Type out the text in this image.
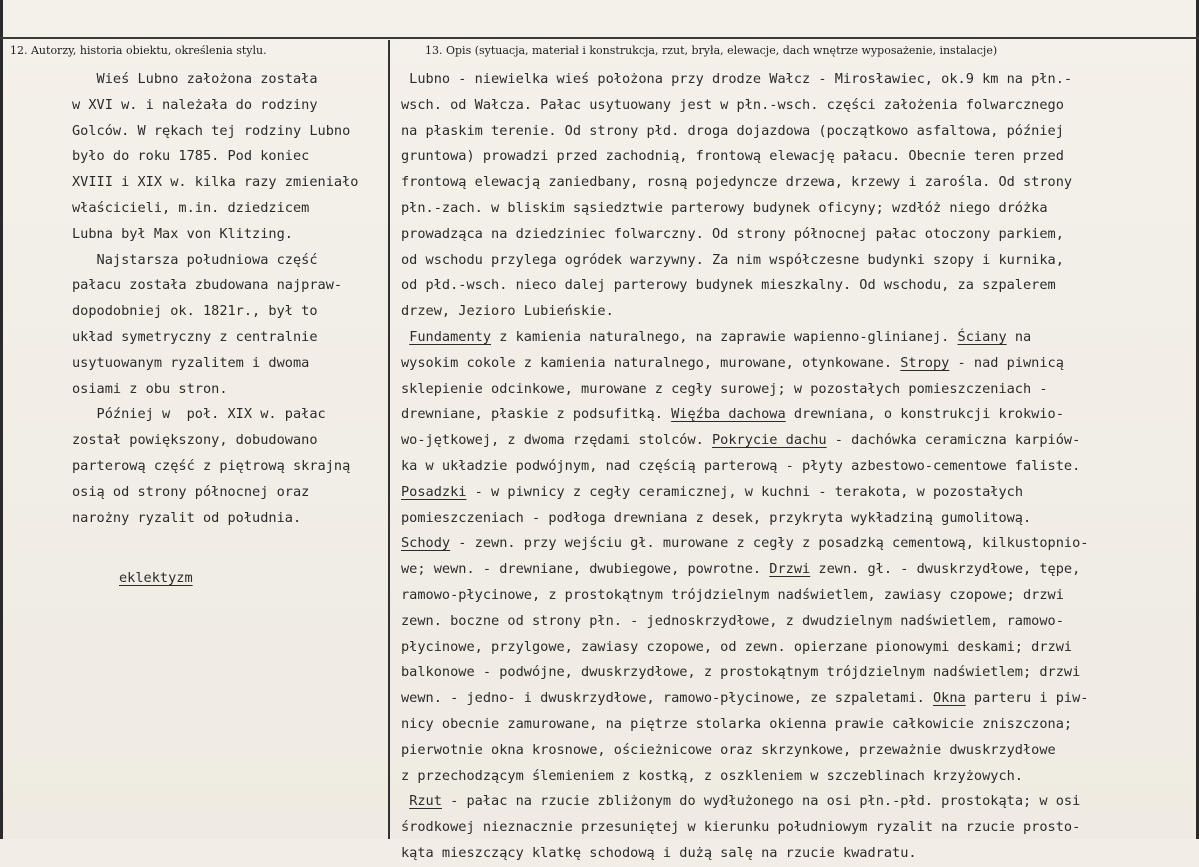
12. Autorzy, historia obiektu, określenia stylu.	13. Opis (sytuacja, materiał i konstrukcja, rzut, bryła, elewacje, dach wnętrze wyposażenie, instalacje)
Wieś Lubno założona została
w XVI w. i należała do rodziny
Golców. W rękach tej rodziny Lubno
było do roku 1785. Pod koniec
XVIII i XIX w. kilka razy zmieniało
właścicieli, m.in. dziedzicem
Lubna był Max von Klitzing.
Najstarsza południowa część
pałacu została zbudowana najpraw-
dopodobniej ok. 1821r., był to
układ symetryczny z centralnie
usytuowanym ryzalitem i dwoma
osiami z obu stron.
Później w  poł. XIX w. pałac
został powiększony, dobudowano
parterową część z piętrową skrajną
osią od strony północnej oraz
narożny ryzalit od południa.
eklektyzm
Lubno - niewielka wieś położona przy drodze Wałcz - Mirosławiec, ok.9 km na płn.-
wsch. od Wałcza. Pałac usytuowany jest w płn.-wsch. części założenia folwarcznego
na płaskim terenie. Od strony płd. droga dojazdowa (początkowo asfaltowa, później
gruntowa) prowadzi przed zachodnią, frontową elewację pałacu. Obecnie teren przed
frontową elewacją zaniedbany, rosną pojedyncze drzewa, krzewy i zarośla. Od strony
płn.-zach. w bliskim sąsiedztwie parterowy budynek oficyny; wzdłóż niego dróżka
prowadząca na dziedziniec folwarczny. Od strony północnej pałac otoczony parkiem,
od wschodu przylega ogródek warzywny. Za nim współczesne budynki szopy i kurnika,
od płd.-wsch. nieco dalej parterowy budynek mieszkalny. Od wschodu, za szpalerem
drzew, Jezioro Lubieńskie.
Fundamenty z kamienia naturalnego, na zaprawie wapienno-glinianej. Ściany na
wysokim cokole z kamienia naturalnego, murowane, otynkowane. Stropy - nad piwnicą
sklepienie odcinkowe, murowane z cegły surowej; w pozostałych pomieszczeniach -
drewniane, płaskie z podsufitką. Więźba dachowa drewniana, o konstrukcji krokwio-
wo-jętkowej, z dwoma rzędami stolców. Pokrycie dachu - dachówka ceramiczna karpiów-
ka w układzie podwójnym, nad częścią parterową - płyty azbestowo-cementowe faliste.
Posadzki - w piwnicy z cegły ceramicznej, w kuchni - terakota, w pozostałych
pomieszczeniach - podłoga drewniana z desek, przykryta wykładziną gumolitową.
Schody - zewn. przy wejściu gł. murowane z cegły z posadzką cementową, kilkustopnio-
we; wewn. - drewniane, dwubiegowe, powrotne. Drzwi zewn. gł. - dwuskrzydłowe, tępe,
ramowo-płycinowe, z prostokątnym trójdzielnym nadświetlem, zawiasy czopowe; drzwi
zewn. boczne od strony płn. - jednoskrzydłowe, z dwudzielnym nadświetlem, ramowo-
płycinowe, przylgowe, zawiasy czopowe, od zewn. opierzane pionowymi deskami; drzwi
balkonowe - podwójne, dwuskrzydłowe, z prostokątnym trójdzielnym nadświetlem; drzwi
wewn. - jedno- i dwuskrzydłowe, ramowo-płycinowe, ze szpaletami. Okna parteru i piw-
nicy obecnie zamurowane, na piętrze stolarka okienna prawie całkowicie zniszczona;
pierwotnie okna krosnowe, ościeżnicowe oraz skrzynkowe, przeważnie dwuskrzydłowe
z przechodzącym ślemieniem z kostką, z oszkleniem w szczeblinach krzyżowych.
Rzut - pałac na rzucie zbliżonym do wydłużonego na osi płn.-płd. prostokąta; w osi
środkowej nieznacznie przesuniętej w kierunku południowym ryzalit na rzucie prosto-
kąta mieszczący klatkę schodową i dużą salę na rzucie kwadratu.
